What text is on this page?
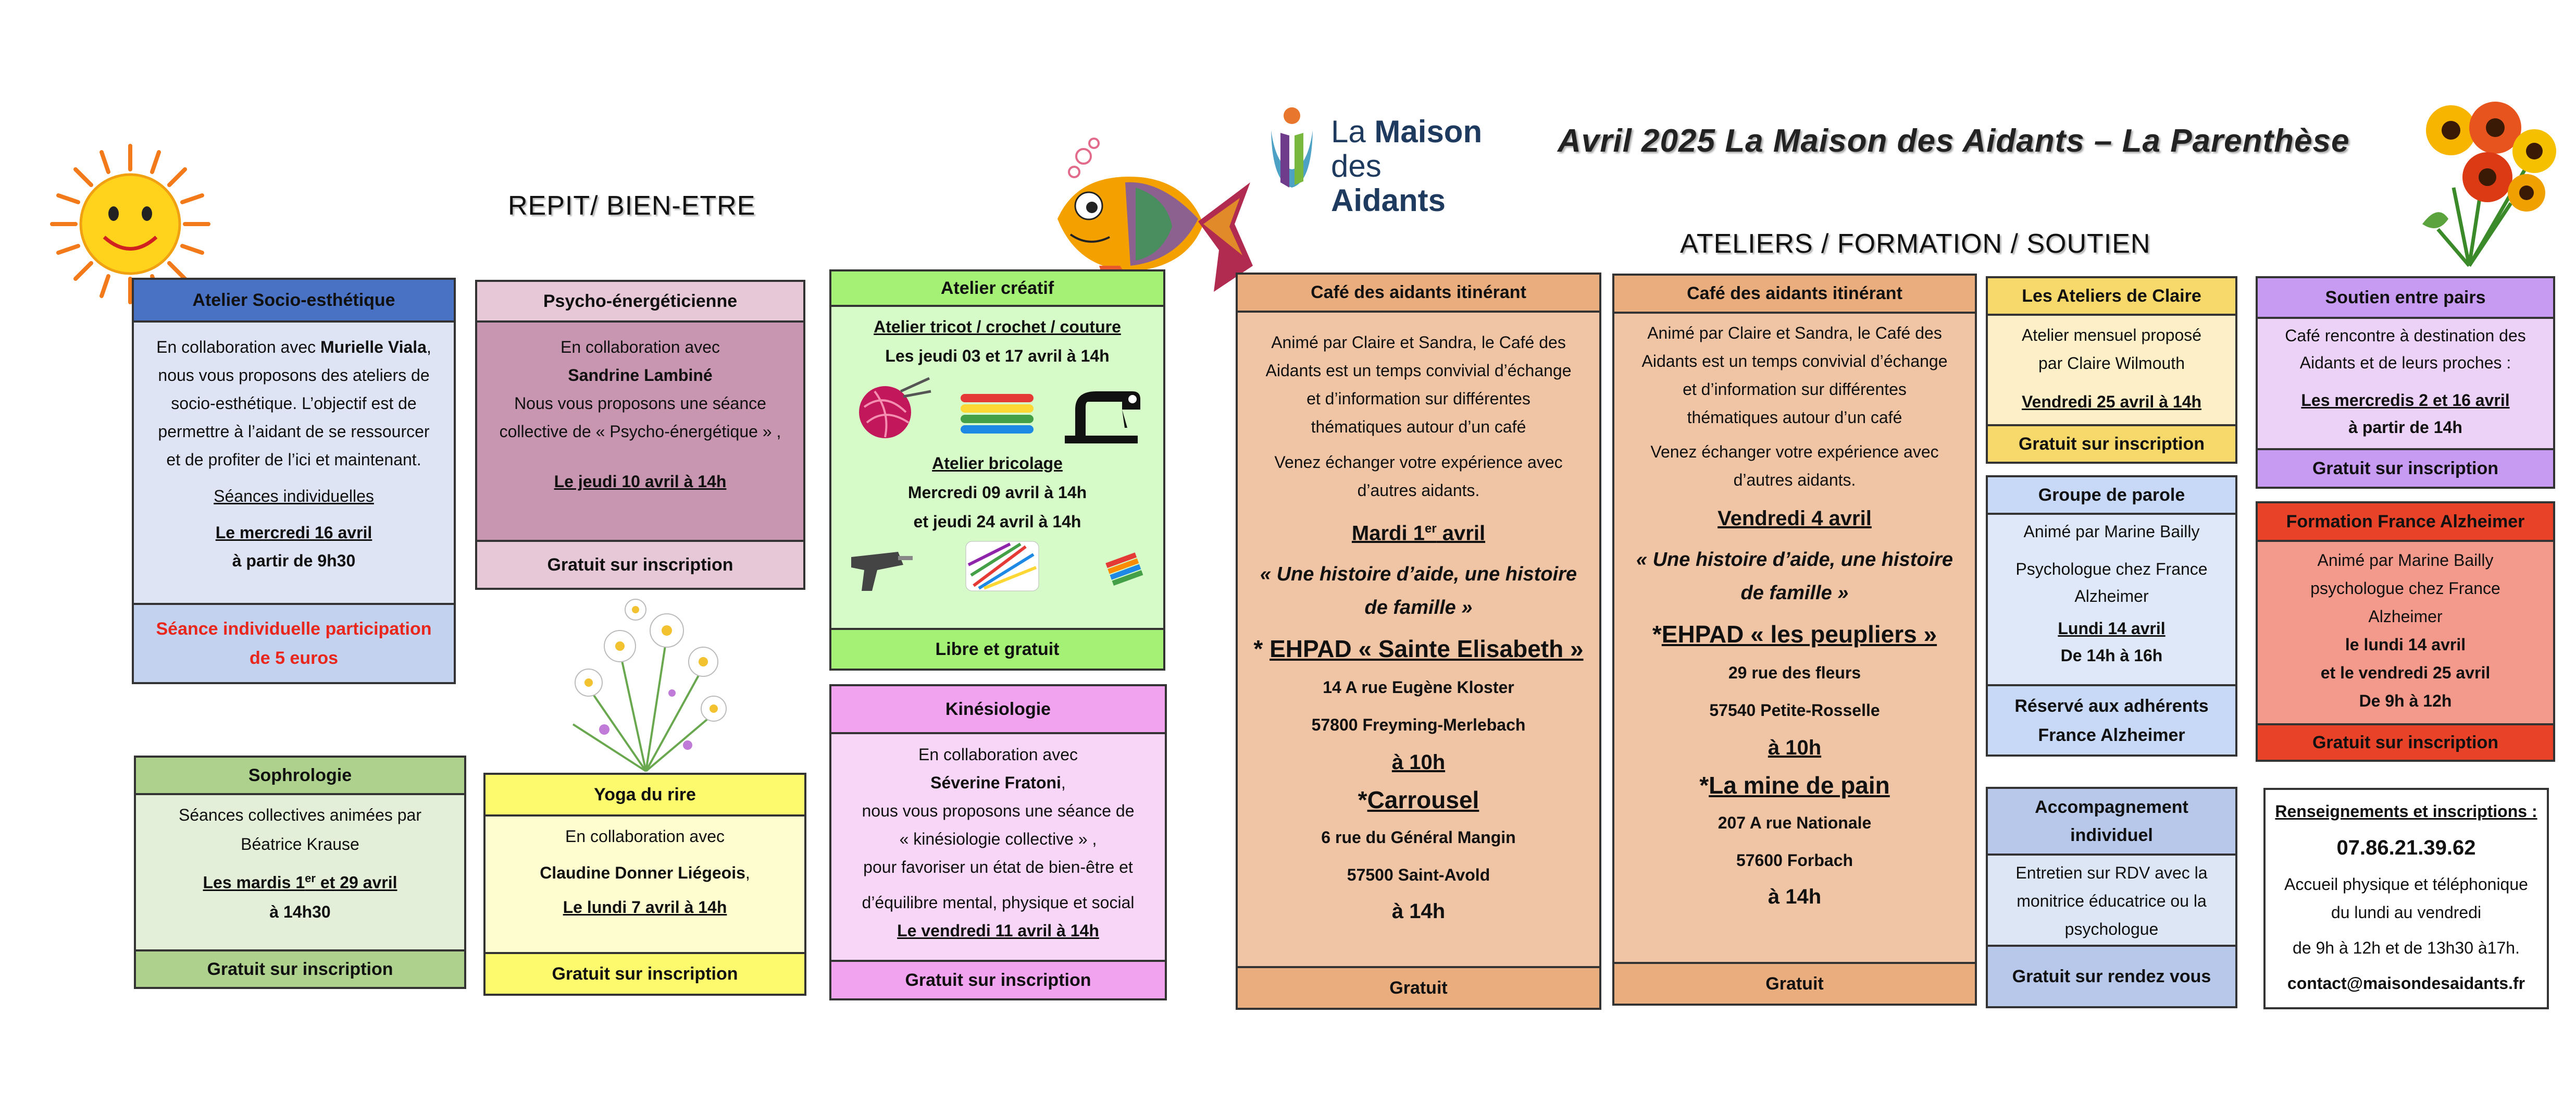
La Maison
des Aidants
Avril 2025 La Maison des Aidants – La Parenthèse
REPIT/ BIEN-ETRE
ATELIERS / FORMATION / SOUTIEN
Atelier Socio-esthétique

En collaboration avec Murielle Viala,

nous vous proposons des ateliers de

socio-esthétique. L’objectif est de

permettre à l’aidant de se ressourcer

et de profiter de l’ici et maintenant.

Séances individuelles

Le mercredi 16 avril

à partir de 9h30

Séance individuelle participation de 5 euros
Psycho-énergéticienne

En collaboration avec

Sandrine Lambiné

Nous vous proposons une séance

collective de « Psycho-énergétique » ,

Le jeudi 10 avril à 14h

Gratuit sur inscription
Atelier créatif

Atelier tricot / crochet / couture

Les jeudi 03 et 17 avril à 14h

Atelier bricolage

Mercredi 09 avril à 14h

et jeudi 24 avril à 14h

Libre et gratuit
Café des aidants itinérant

Animé par Claire et Sandra, le Café des

Aidants est un temps convivial d’échange

et d’information sur différentes

thématiques autour d’un café

Venez échanger votre expérience avec

d’autres aidants.

Mardi 1er avril

« Une histoire d’aide, une histoire de famille »

* EHPAD « Sainte Elisabeth »

14 A rue Eugène Kloster

57800 Freyming-Merlebach

à 10h

*Carrousel

6 rue du Général Mangin

57500 Saint-Avold

à 14h

Gratuit
Café des aidants itinérant

Animé par Claire et Sandra, le Café des

Aidants est un temps convivial d’échange

et d’information sur différentes

thématiques autour d’un café

Venez échanger votre expérience avec

d’autres aidants.

Vendredi 4 avril

« Une histoire d’aide, une histoire de famille »

*EHPAD « les peupliers »

29 rue des fleurs

57540 Petite-Rosselle

à 10h

*La mine de pain

207 A rue Nationale

57600 Forbach

à 14h

Gratuit
Les Ateliers de Claire

Atelier mensuel proposé

par Claire Wilmouth

Vendredi 25 avril à 14h

Gratuit sur inscription
Groupe de parole

Animé par Marine Bailly

Psychologue chez France

Alzheimer

Lundi 14 avril

De 14h à 16h

Réservé aux adhérents France Alzheimer
Accompagnement individuel

Entretien sur RDV avec la

monitrice éducatrice ou la

psychologue

Gratuit sur rendez vous
Soutien entre pairs

Café rencontre à destination des

Aidants et de leurs proches :

Les mercredis 2 et 16 avril

à partir de 14h

Gratuit sur inscription
Formation France Alzheimer

Animé par Marine Bailly

psychologue chez France

Alzheimer

le lundi 14 avril

et le vendredi 25 avril

De 9h à 12h

Gratuit sur inscription

Renseignements et inscriptions :

07.86.21.39.62

Accueil physique et téléphonique

du lundi au vendredi

de 9h à 12h et de 13h30 à17h.

contact@maisondesaidants.fr

Sophrologie

Séances collectives animées par

Béatrice Krause

Les mardis 1er et 29 avril

à 14h30

Gratuit sur inscription
Yoga du rire

En collaboration avec

Claudine Donner Liégeois,

Le lundi 7 avril à 14h

Gratuit sur inscription
Kinésiologie

En collaboration avec

Séverine Fratoni,

nous vous proposons une séance de

« kinésiologie collective » ,

pour favoriser un état de bien-être et

d’équilibre mental, physique et social

Le vendredi 11 avril à 14h

Gratuit sur inscription
